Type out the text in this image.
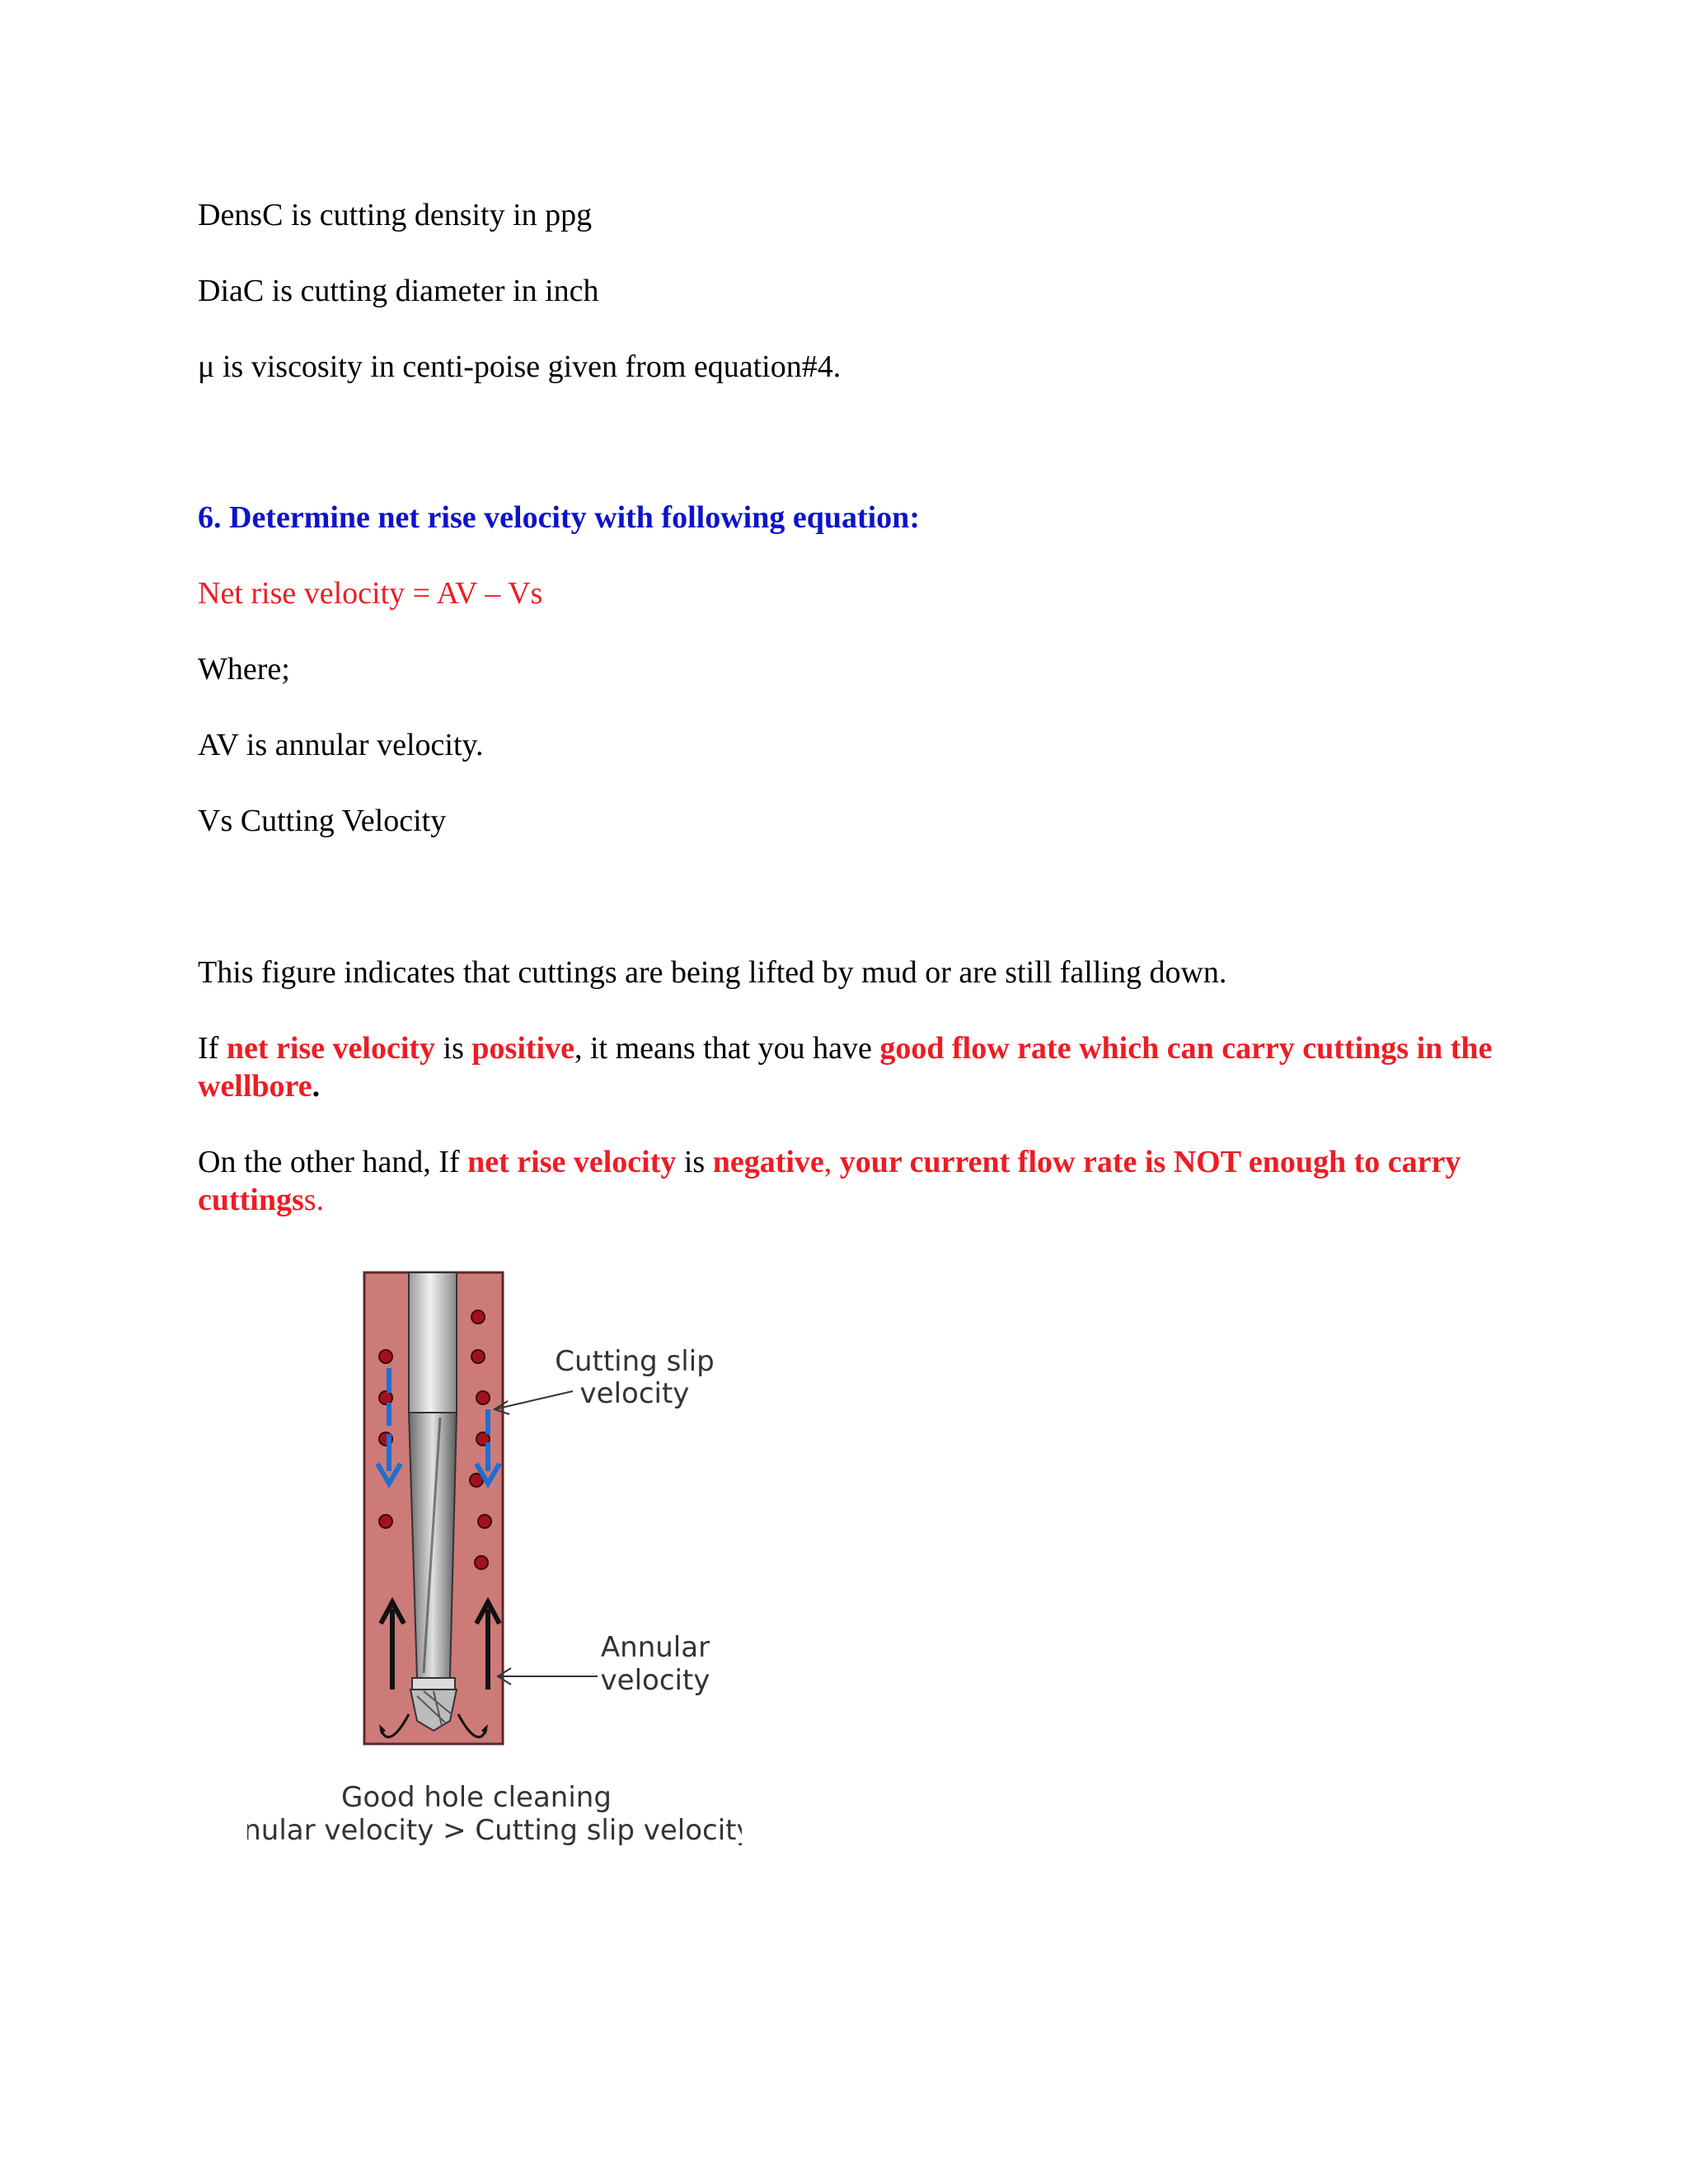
DensC is cutting density in ppg

DiaC is cutting diameter in inch

μ is viscosity in centi-poise given from equation#4.

6. Determine net rise velocity with following equation:

Net rise velocity = AV – Vs

Where;

AV is annular velocity.

Vs Cutting Velocity

This figure indicates that cuttings are being lifted by mud or are still falling down.

If net rise velocity is positive, it means that you have good flow rate which can carry cuttings in the wellbore.

On the other hand, If net rise velocity is negative, your current flow rate is NOT enough to carry cuttingss.

Cutting slip
velocity
Annular
velocity
Good hole cleaning
Annular velocity > Cutting slip velocity
